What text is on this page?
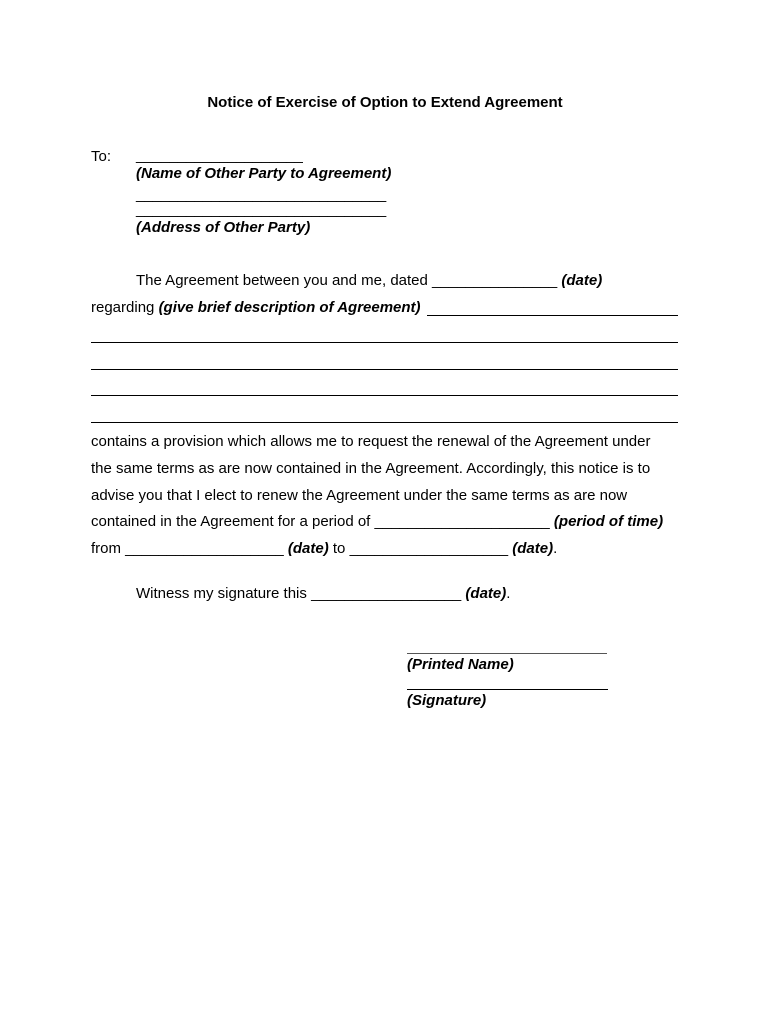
Notice of Exercise of Option to Extend Agreement
To: ____________________
(Name of Other Party to Agreement)
______________________________
______________________________
(Address of Other Party)
The Agreement between you and me, dated _______________ (date)
regarding (give brief description of Agreement)
contains a provision which allows me to request the renewal of the Agreement under
the same terms as are now contained in the Agreement. Accordingly, this notice is to
advise you that I elect to renew the Agreement under the same terms as are now
contained in the Agreement for a period of _____________________ (period of time)
from ___________________ (date) to ___________________ (date).
Witness my signature this __________________ (date).
(Printed Name)
(Signature)
